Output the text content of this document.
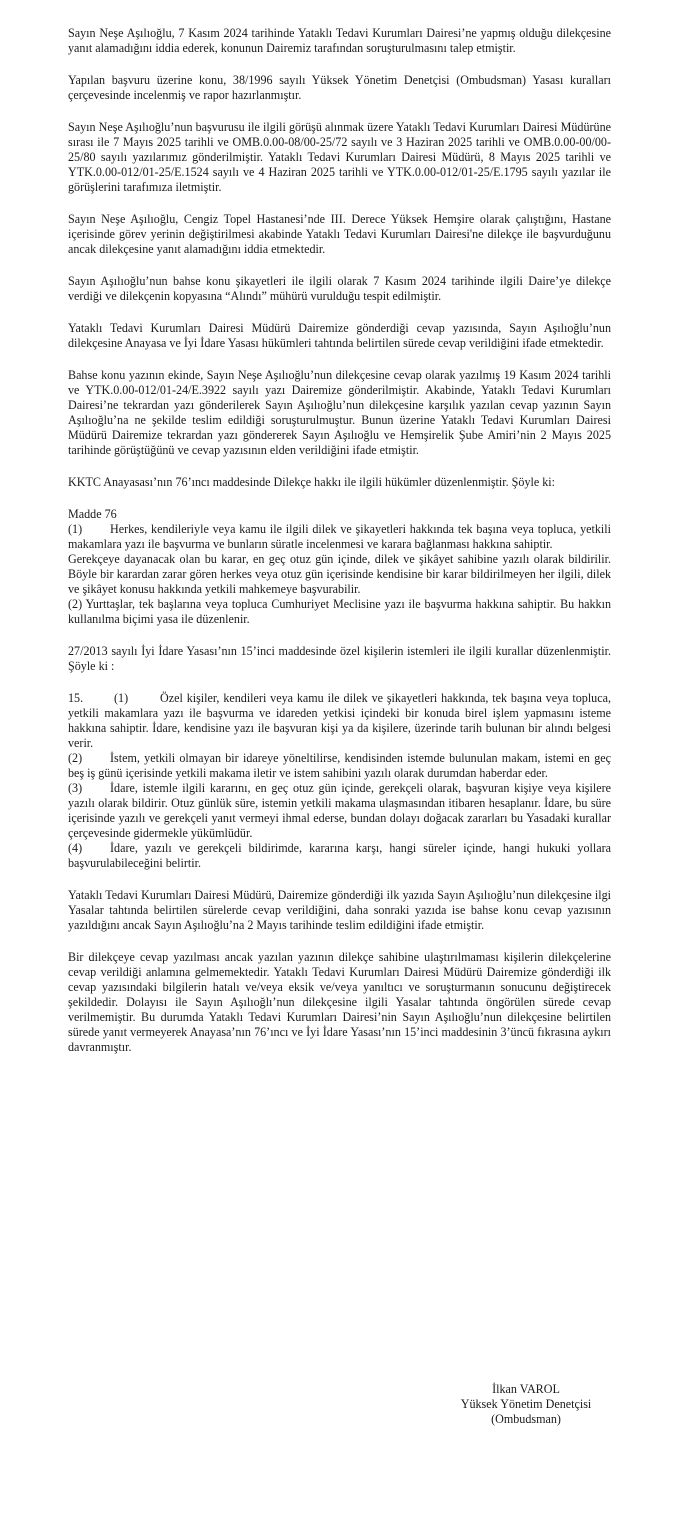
Sayın Neşe Aşılıoğlu, 7 Kasım 2024 tarihinde Yataklı Tedavi Kurumları Dairesi’ne yapmış olduğu dilekçesine yanıt alamadığını iddia ederek, konunun Dairemiz tarafından soruşturulmasını talep etmiştir.

Yapılan başvuru üzerine konu, 38/1996 sayılı Yüksek Yönetim Denetçisi (Ombudsman) Yasası kuralları çerçevesinde incelenmiş ve rapor hazırlanmıştır.

Sayın Neşe Aşılıoğlu’nun başvurusu ile ilgili görüşü alınmak üzere Yataklı Tedavi Kurumları Dairesi Müdürüne sırası ile 7 Mayıs 2025 tarihli ve OMB.0.00-08/00-25/72 sayılı ve 3 Haziran 2025 tarihli ve OMB.0.00-00/00-25/80 sayılı yazılarımız gönderilmiştir. Yataklı Tedavi Kurumları Dairesi Müdürü, 8 Mayıs 2025 tarihli ve YTK.0.00-012/01-25/E.1524 sayılı ve 4 Haziran 2025 tarihli ve YTK.0.00-012/01-25/E.1795 sayılı yazılar ile görüşlerini tarafımıza iletmiştir.

Sayın Neşe Aşılıoğlu, Cengiz Topel Hastanesi’nde III. Derece Yüksek Hemşire olarak çalıştığını, Hastane içerisinde görev yerinin değiştirilmesi akabinde Yataklı Tedavi Kurumları Dairesi'ne dilekçe ile başvurduğunu ancak dilekçesine yanıt alamadığını iddia etmektedir.

Sayın Aşılıoğlu’nun bahse konu şikayetleri ile ilgili olarak 7 Kasım 2024 tarihinde ilgili Daire’ye dilekçe verdiği ve dilekçenin kopyasına “Alındı” mühürü vurulduğu tespit edilmiştir.

Yataklı Tedavi Kurumları Dairesi Müdürü Dairemize gönderdiği cevap yazısında, Sayın Aşılıoğlu’nun dilekçesine Anayasa ve İyi İdare Yasası hükümleri tahtında belirtilen sürede cevap verildiğini ifade etmektedir.

Bahse konu yazının ekinde, Sayın Neşe Aşılıoğlu’nun dilekçesine cevap olarak yazılmış 19 Kasım 2024 tarihli ve YTK.0.00-012/01-24/E.3922 sayılı yazı Dairemize gönderilmiştir. Akabinde, Yataklı Tedavi Kurumları Dairesi’ne tekrardan yazı gönderilerek Sayın Aşılıoğlu’nun dilekçesine karşılık yazılan cevap yazının Sayın Aşılıoğlu’na ne şekilde teslim edildiği soruşturulmuştur. Bunun üzerine Yataklı Tedavi Kurumları Dairesi Müdürü Dairemize tekrardan yazı göndererek Sayın Aşılıoğlu ve Hemşirelik Şube Amiri’nin 2 Mayıs 2025 tarihinde görüştüğünü ve cevap yazısının elden verildiğini ifade etmiştir.

KKTC Anayasası’nın 76’ıncı maddesinde Dilekçe hakkı ile ilgili hükümler düzenlenmiştir. Şöyle ki:

Madde 76

(1) Herkes, kendileriyle veya kamu ile ilgili dilek ve şikayetleri hakkında tek başına veya topluca, yetkili makamlara yazı ile başvurma ve bunların süratle incelenmesi ve karara bağlanması hakkına sahiptir.

Gerekçeye dayanacak olan bu karar, en geç otuz gün içinde, dilek ve şikâyet sahibine yazılı olarak bildirilir. Böyle bir karardan zarar gören herkes veya otuz gün içerisinde kendisine bir karar bildirilmeyen her ilgili, dilek ve şikâyet konusu hakkında yetkili mahkemeye başvurabilir.

(2) Yurttaşlar, tek başlarına veya topluca Cumhuriyet Meclisine yazı ile başvurma hakkına sahiptir. Bu hakkın kullanılma biçimi yasa ile düzenlenir.

27/2013 sayılı İyi İdare Yasası’nın 15’inci maddesinde özel kişilerin istemleri ile ilgili kurallar düzenlenmiştir. Şöyle ki :

15.	(1)	Özel kişiler, kendileri veya kamu ile dilek ve şikayetleri hakkında, tek başına veya topluca, yetkili makamlara yazı ile başvurma ve idareden yetkisi içindeki bir konuda birel işlem yapmasını isteme hakkına sahiptir. İdare, kendisine yazı ile başvuran kişi ya da kişilere, üzerinde tarih bulunan bir alındı belgesi verir.

(2) İstem, yetkili olmayan bir idareye yöneltilirse, kendisinden istemde bulunulan makam, istemi en geç beş iş günü içerisinde yetkili makama iletir ve istem sahibini yazılı olarak durumdan haberdar eder.

(3) İdare, istemle ilgili kararını, en geç otuz gün içinde, gerekçeli olarak, başvuran kişiye veya kişilere yazılı olarak bildirir. Otuz günlük süre, istemin yetkili makama ulaşmasından itibaren hesaplanır. İdare, bu süre içerisinde yazılı ve gerekçeli yanıt vermeyi ihmal ederse, bundan dolayı doğacak zararları bu Yasadaki kurallar çerçevesinde gidermekle yükümlüdür.

(4) İdare, yazılı ve gerekçeli bildirimde, kararına karşı, hangi süreler içinde, hangi hukuki yollara başvurulabileceğini belirtir.

Yataklı Tedavi Kurumları Dairesi Müdürü, Dairemize gönderdiği ilk yazıda Sayın Aşılıoğlu’nun dilekçesine ilgi Yasalar tahtında belirtilen sürelerde cevap verildiğini, daha sonraki yazıda ise bahse konu cevap yazısının yazıldığını ancak Sayın Aşılıoğlu’na 2 Mayıs tarihinde teslim edildiğini ifade etmiştir.

Bir dilekçeye cevap yazılması ancak yazılan yazının dilekçe sahibine ulaştırılmaması kişilerin dilekçelerine cevap verildiği anlamına gelmemektedir. Yataklı Tedavi Kurumları Dairesi Müdürü Dairemize gönderdiği ilk cevap yazısındaki bilgilerin hatalı ve/veya eksik ve/veya yanıltıcı ve soruşturmanın sonucunu değiştirecek şekildedir. Dolayısı ile Sayın Aşılıoğlı’nun dilekçesine ilgili Yasalar tahtında öngörülen sürede cevap verilmemiştir. Bu durumda Yataklı Tedavi Kurumları Dairesi’nin Sayın Aşılıoğlu’nun dilekçesine belirtilen sürede yanıt vermeyerek Anayasa’nın 76’ıncı ve İyi İdare Yasası’nın 15’inci maddesinin 3’üncü fıkrasına aykırı davranmıştır.

İlkan VAROL
Yüksek Yönetim Denetçisi
(Ombudsman)
